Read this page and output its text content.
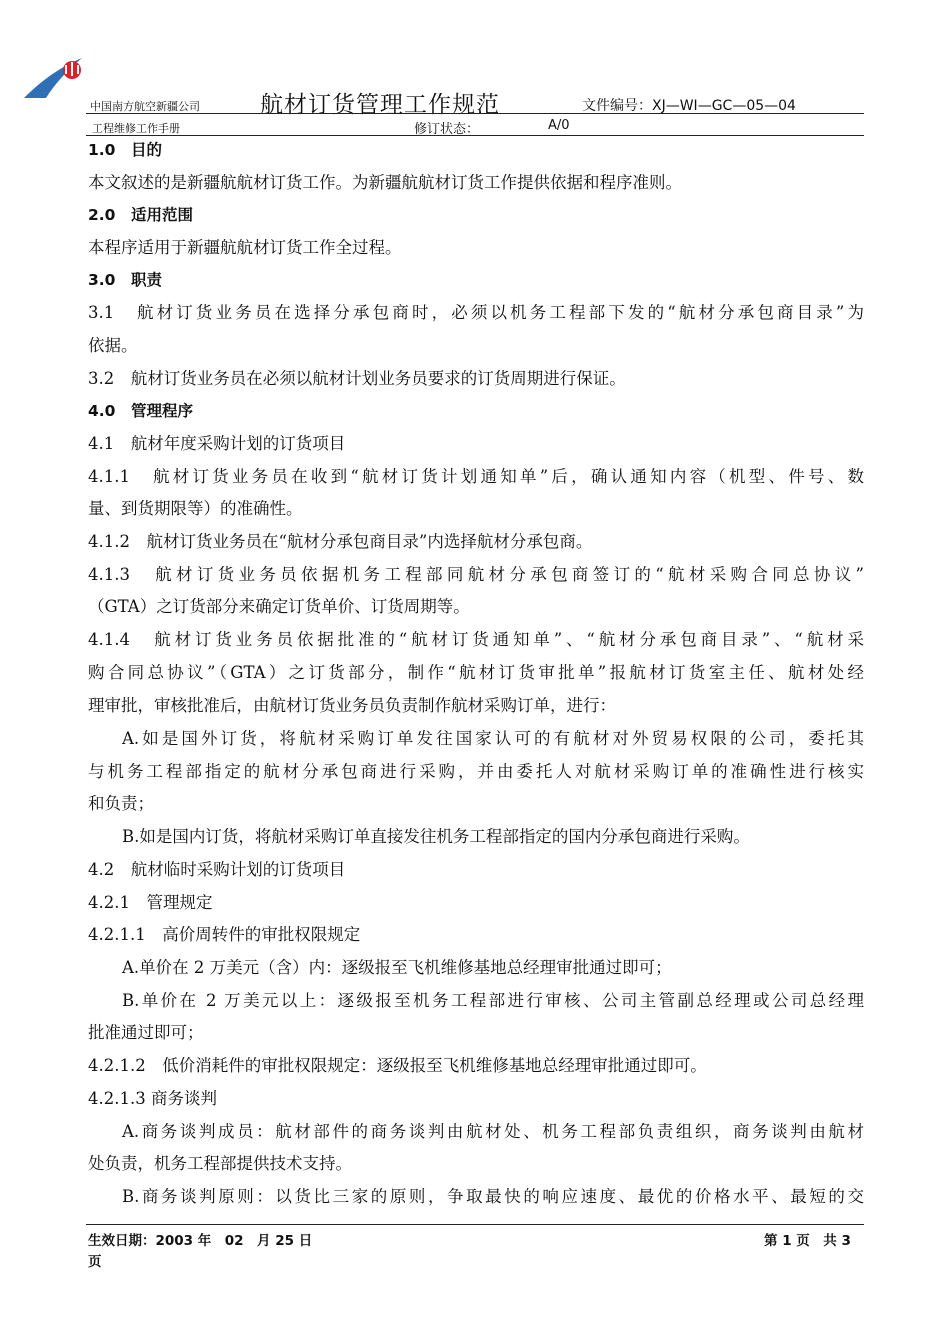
中国南方航空新疆公司
工程维修工作手册
航材订货管理工作规范	文件编号：XJ—WI—GC—05—04
修订状态：	A/0
1.0　目的
本文叙述的是新疆航航材订货工作。为新疆航航材订货工作提供依据和程序准则。
2.0　适用范围
本程序适用于新疆航航材订货工作全过程。
3.0　职责
3.1　航材订货业务员在选择分承包商时，必须以机务工程部下发的“航材分承包商目录”为
依据。
3.2　航材订货业务员在必须以航材计划业务员要求的订货周期进行保证。
4.0　管理程序
4.1　航材年度采购计划的订货项目
4.1.1　航材订货业务员在收到“航材订货计划通知单”后，确认通知内容（机型、件号、数
量、到货期限等）的准确性。
4.1.2　航材订货业务员在“航材分承包商目录”内选择航材分承包商。
4.1.3　航材订货业务员依据机务工程部同航材分承包商签订的“航材采购合同总协议”
（GTA）之订货部分来确定订货单价、订货周期等。
4.1.4　航材订货业务员依据批准的“航材订货通知单”、“航材分承包商目录”、“航材采
购合同总协议”（GTA）之订货部分，制作“航材订货审批单”报航材订货室主任、航材处经
理审批，审核批准后，由航材订货业务员负责制作航材采购订单，进行：
A.如是国外订货，将航材采购订单发往国家认可的有航材对外贸易权限的公司，委托其
与机务工程部指定的航材分承包商进行采购，并由委托人对航材采购订单的准确性进行核实
和负责；
B.如是国内订货，将航材采购订单直接发往机务工程部指定的国内分承包商进行采购。
4.2　航材临时采购计划的订货项目
4.2.1　管理规定
4.2.1.1　高价周转件的审批权限规定
A.单价在 2 万美元（含）内：逐级报至飞机维修基地总经理审批通过即可；
B.单价在 2 万美元以上：逐级报至机务工程部进行审核、公司主管副总经理或公司总经理
批准通过即可；
4.2.1.2　低价消耗件的审批权限规定：逐级报至飞机维修基地总经理审批通过即可。
4.2.1.3 商务谈判
A.商务谈判成员：航材部件的商务谈判由航材处、机务工程部负责组织，商务谈判由航材
处负责，机务工程部提供技术支持。
B.商务谈判原则：以货比三家的原则，争取最快的响应速度、最优的价格水平、最短的交
生效日期：2003 年　02　月 25 日	第 1 页　共 3
页
